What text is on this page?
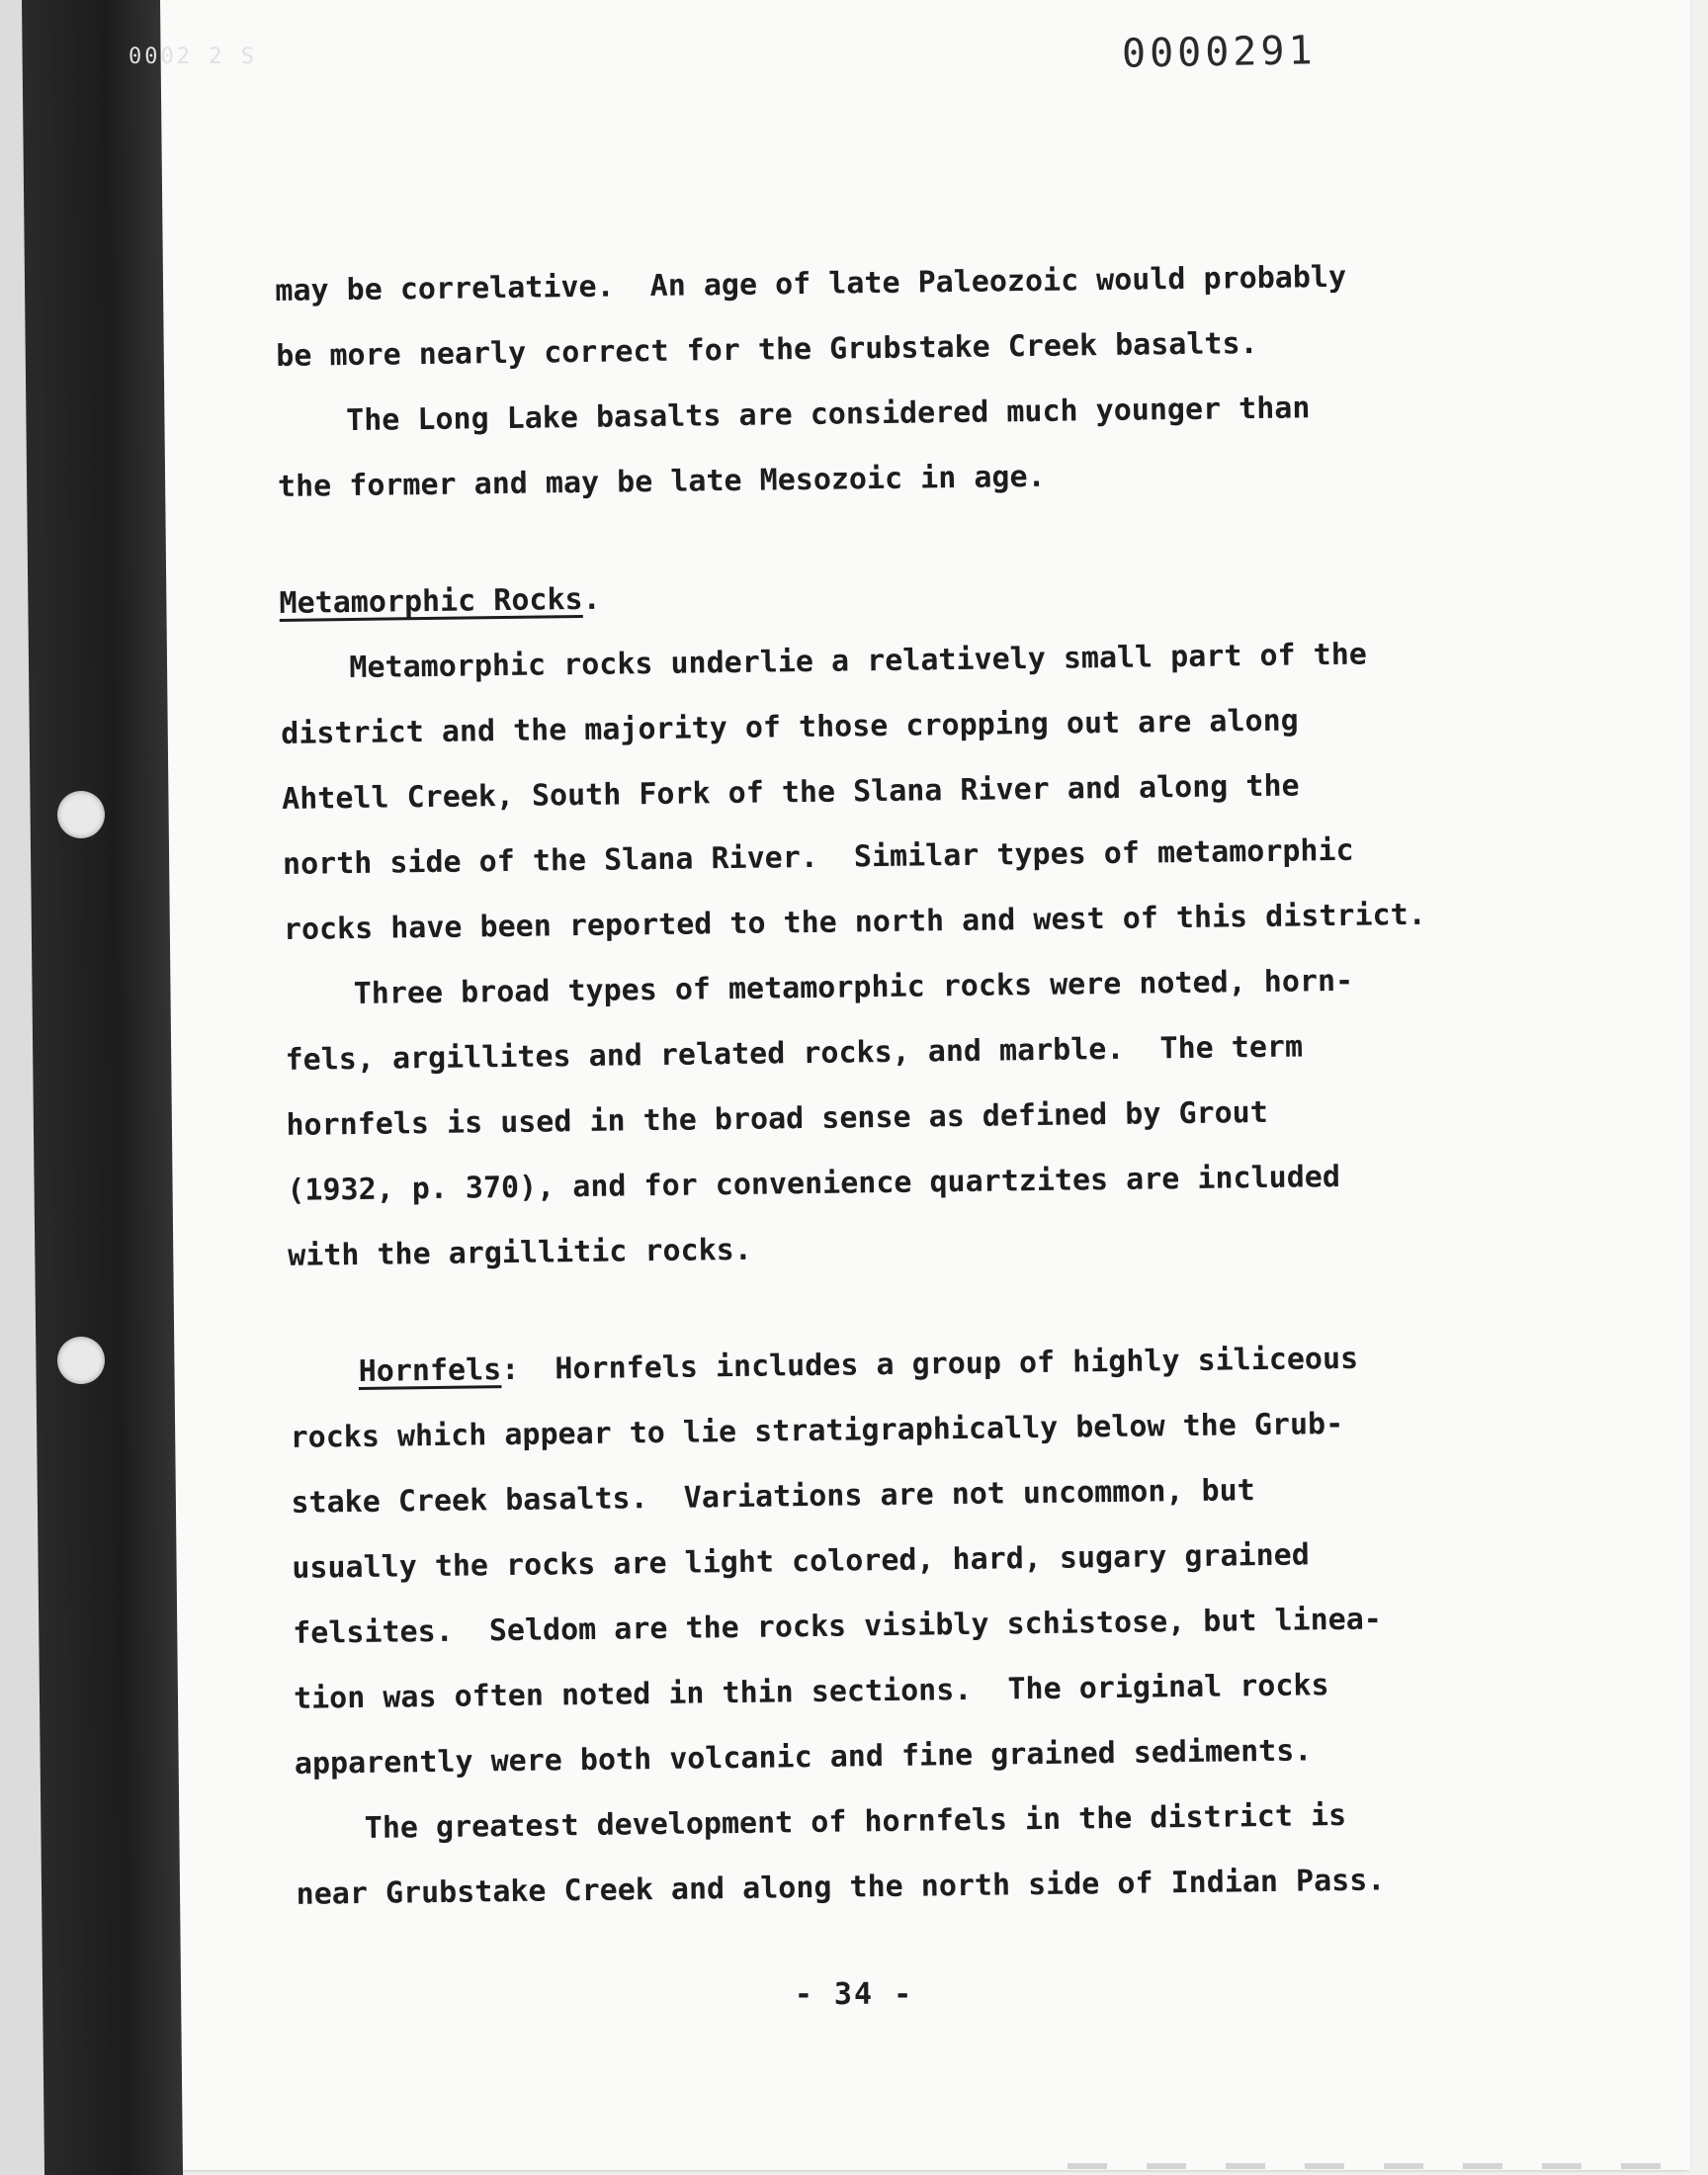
0002 2 S	0000291

may be correlative.  An age of late Paleozoic would probably

be more nearly correct for the Grubstake Creek basalts.

The Long Lake basalts are considered much younger than

the former and may be late Mesozoic in age.

Metamorphic Rocks.

Metamorphic rocks underlie a relatively small part of the

district and the majority of those cropping out are along

Ahtell Creek, South Fork of the Slana River and along the

north side of the Slana River.  Similar types of metamorphic

rocks have been reported to the north and west of this district.

Three broad types of metamorphic rocks were noted, horn-

fels, argillites and related rocks, and marble.  The term

hornfels is used in the broad sense as defined by Grout

(1932, p. 370), and for convenience quartzites are included

with the argillitic rocks.

Hornfels:  Hornfels includes a group of highly siliceous

rocks which appear to lie stratigraphically below the Grub-

stake Creek basalts.  Variations are not uncommon, but

usually the rocks are light colored, hard, sugary grained

felsites.  Seldom are the rocks visibly schistose, but linea-

tion was often noted in thin sections.  The original rocks

apparently were both volcanic and fine grained sediments.

The greatest development of hornfels in the district is

near Grubstake Creek and along the north side of Indian Pass.

- 34 -
